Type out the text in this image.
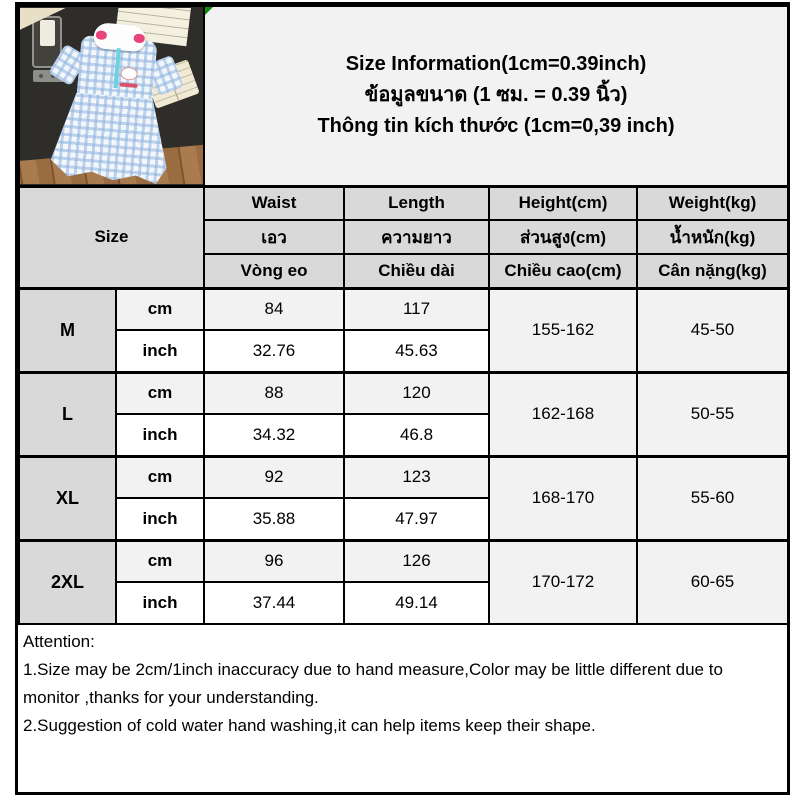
		Size Information(1cm=0.39inch)
ข้อมูลขนาด (1 ซม. = 0.39 นิ้ว)
Thông tin kích thước (1cm=0,39 inch)			

Size		Waist	Length	Height(cm)	Weight(kg)
		เอว	ความยาว	ส่วนสูง(cm)	น้ำหนัก(kg)
		Vòng eo	Chiều dài	Chiều cao(cm)	Cân nặng(kg)
M	cm	84	117	155-162	45-50
	inch	32.76	45.63		
L	cm	88	120	162-168	50-55
	inch	34.32	46.8		
XL	cm	92	123	168-170	55-60
	inch	35.88	47.97		
2XL	cm	96	126	170-172	60-65
	inch	37.44	49.14		
Attention:
1.Size may be 2cm/1inch inaccuracy due to hand measure,Color may be little different due to monitor ,thanks for your understanding.
2.Suggestion of cold water hand washing,it can help items keep their shape.
